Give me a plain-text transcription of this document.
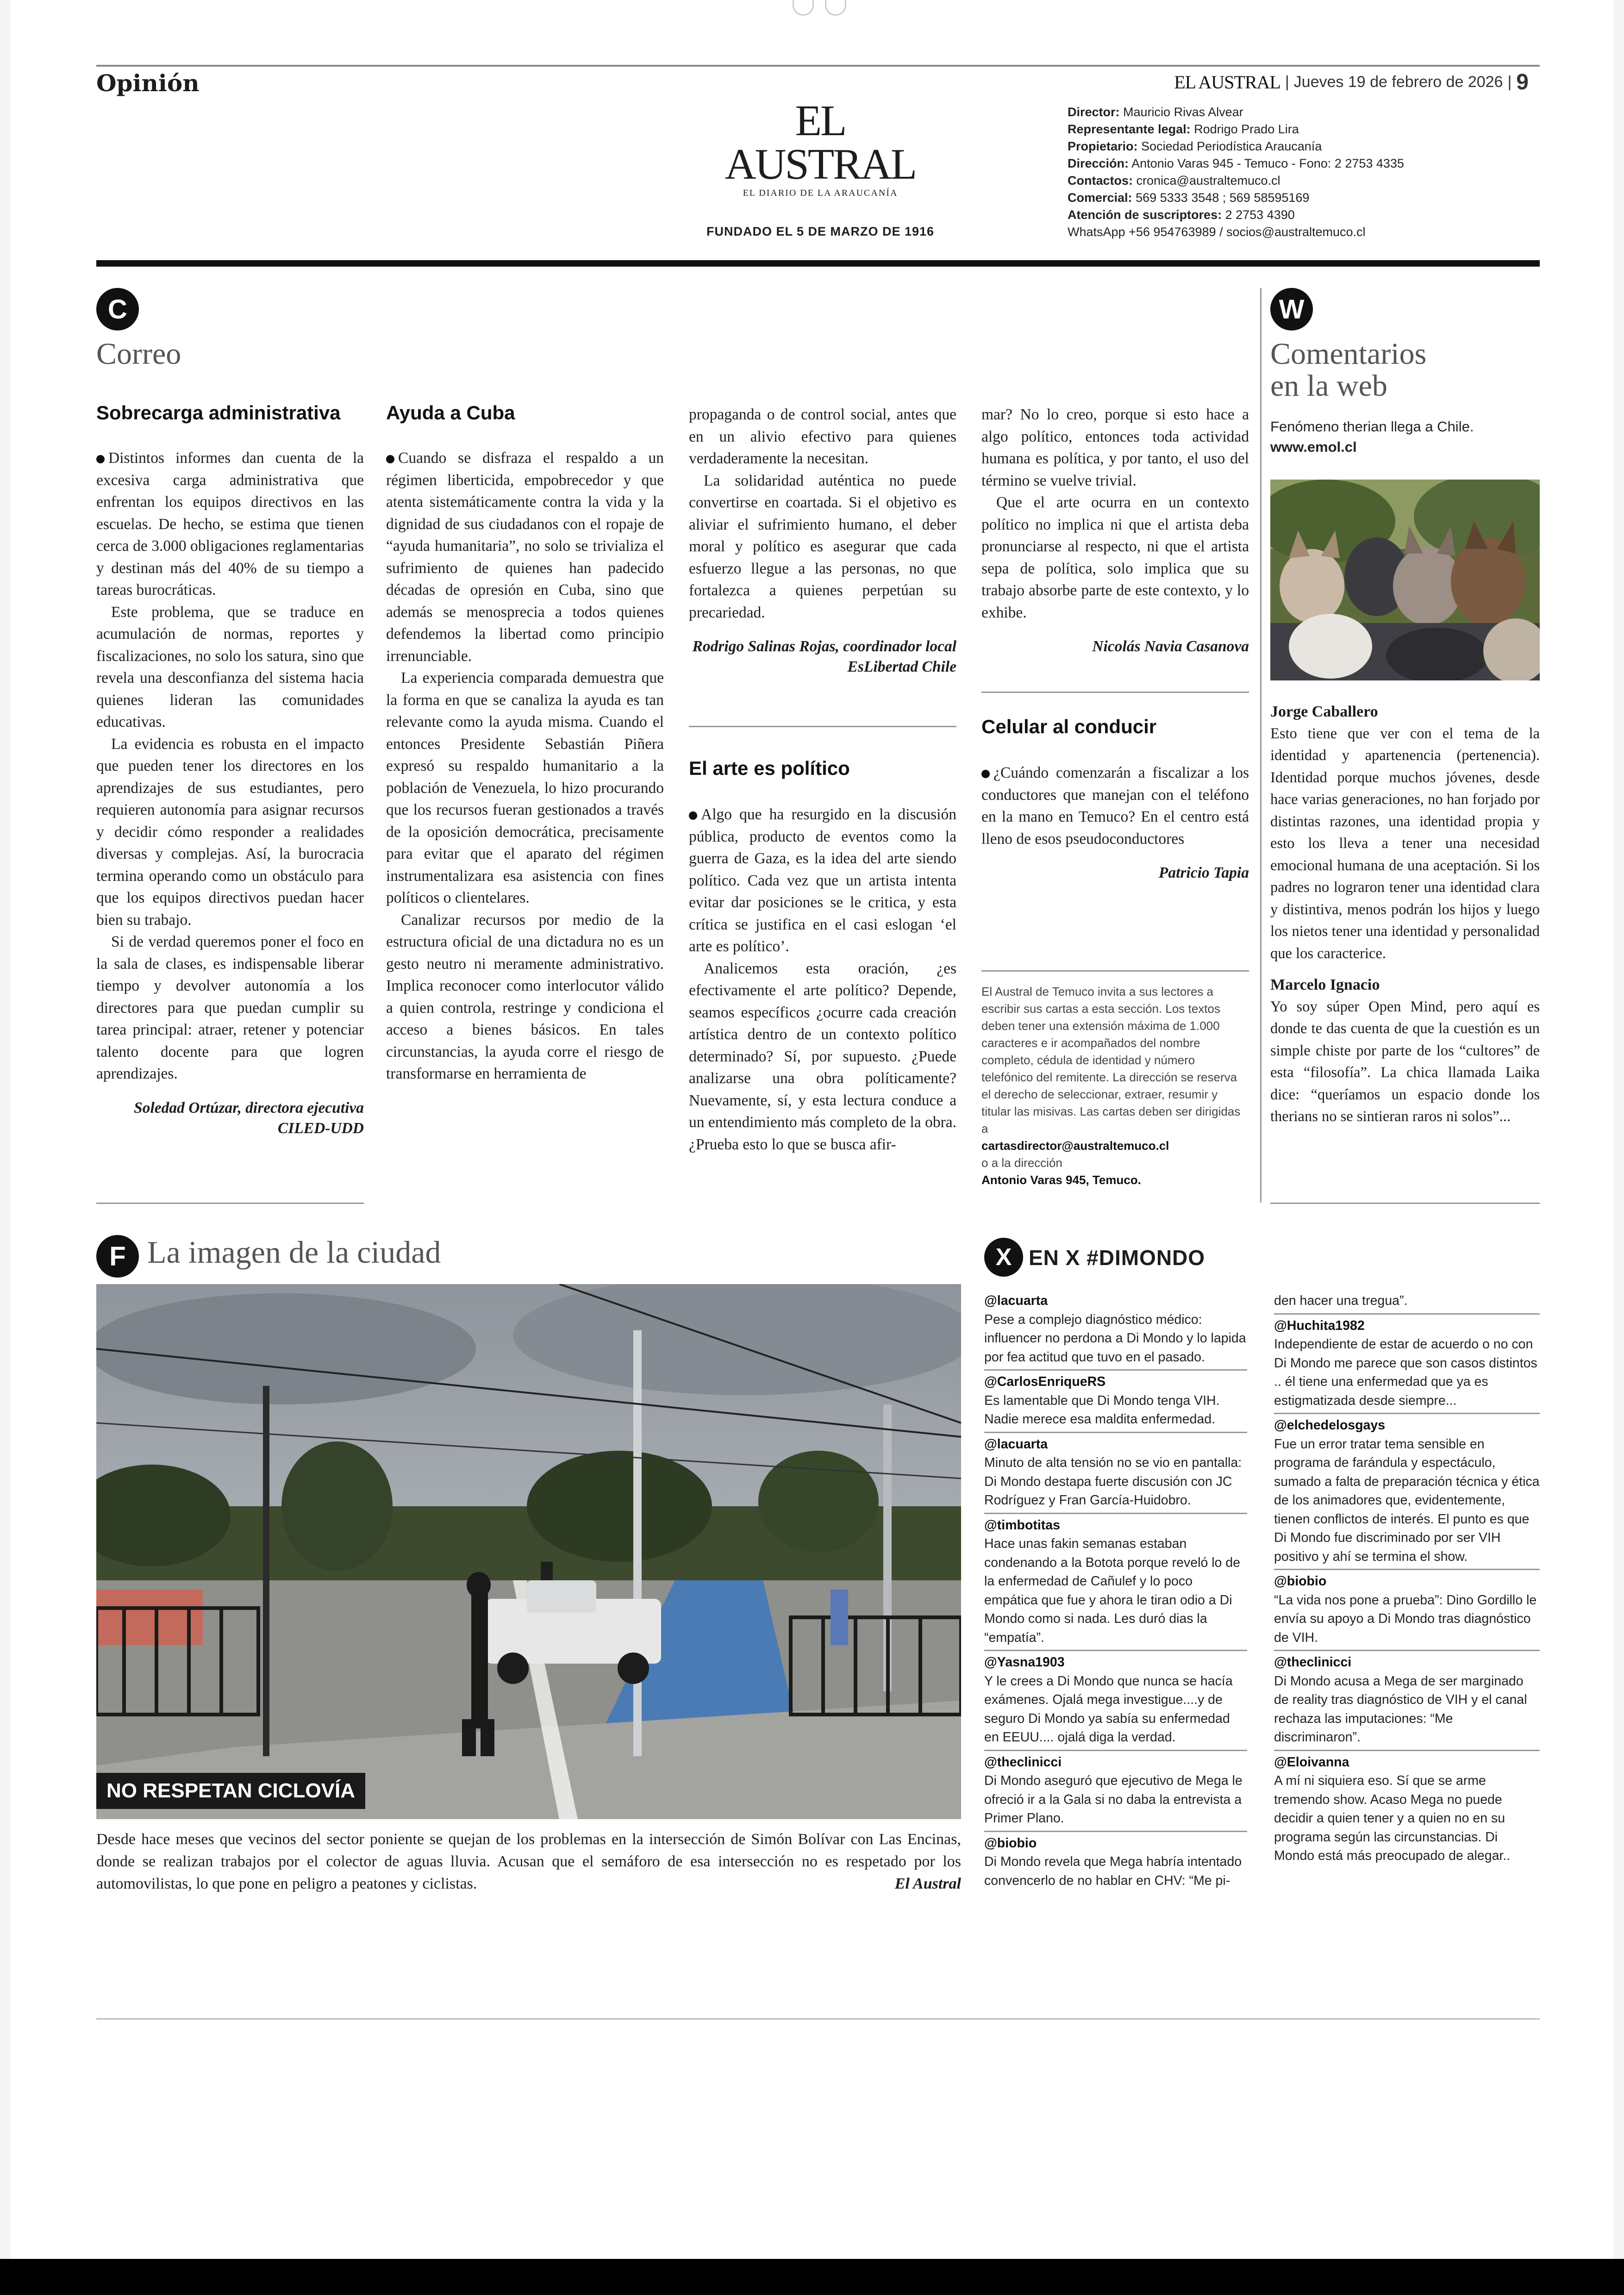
Opinión	EL AUSTRAL | Jueves 19 de febrero de 2026 | 9
EL AUSTRAL
EL DIARIO DE LA ARAUCANÍA
FUNDADO EL 5 DE MARZO DE 1916
Director: Mauricio Rivas Alvear
Representante legal: Rodrigo Prado Lira
Propietario: Sociedad Periodística Araucanía
Dirección: Antonio Varas 945 - Temuco - Fono: 2 2753 4335
Contactos: cronica@australtemuco.cl
Comercial: 569 5333 3548 ; 569 58595169
Atención de suscriptores: 2 2753 4390
WhatsApp +56 954763989 / socios@australtemuco.cl
C
Correo
Sobrecarga administrativa

Distintos informes dan cuenta de la excesiva carga administrativa que enfrentan los equipos directivos en las escuelas. De hecho, se estima que tienen cerca de 3.000 obligaciones reglamentarias y destinan más del 40% de su tiempo a tareas burocráticas.

Este problema, que se traduce en acumulación de normas, reportes y fiscalizaciones, no solo los satura, sino que revela una desconfianza del sistema hacia quienes lideran las comunidades educativas.

La evidencia es robusta en el impacto que pueden tener los directores en los aprendizajes de sus estudiantes, pero requieren autonomía para asignar recursos y decidir cómo responder a realidades diversas y complejas. Así, la burocracia termina operando como un obstáculo para que los equipos directivos puedan hacer bien su trabajo.

Si de verdad queremos poner el foco en la sala de clases, es indispensable liberar tiempo y devolver autonomía a los directores para que puedan cumplir su tarea principal: atraer, retener y potenciar talento docente para que logren aprendizajes.

Soledad Ortúzar, directora ejecutiva CILED-UDD
Ayuda a Cuba

Cuando se disfraza el respaldo a un régimen liberticida, empobrecedor y que atenta sistemáticamente contra la vida y la dignidad de sus ciudadanos con el ropaje de “ayuda humanitaria”, no solo se trivializa el sufrimiento de quienes han padecido décadas de opresión en Cuba, sino que además se menosprecia a todos quienes defendemos la libertad como principio irrenunciable.

La experiencia comparada demuestra que la forma en que se canaliza la ayuda es tan relevante como la ayuda misma. Cuando el entonces Presidente Sebastián Piñera expresó su respaldo humanitario a la población de Venezuela, lo hizo procurando que los recursos fueran gestionados a través de la oposición democrática, precisamente para evitar que el aparato del régimen instrumentalizara esa asistencia con fines políticos o clientelares.

Canalizar recursos por medio de la estructura oficial de una dictadura no es un gesto neutro ni meramente administrativo. Implica reconocer como interlocutor válido a quien controla, restringe y condiciona el acceso a bienes básicos. En tales circunstancias, la ayuda corre el riesgo de transformarse en herramienta de

propaganda o de control social, antes que en un alivio efectivo para quienes verdaderamente la necesitan.

La solidaridad auténtica no puede convertirse en coartada. Si el objetivo es aliviar el sufrimiento humano, el deber moral y político es asegurar que cada esfuerzo llegue a las personas, no que fortalezca a quienes perpetúan su precariedad.

Rodrigo Salinas Rojas, coordinador local EsLibertad Chile
El arte es político

Algo que ha resurgido en la discusión pública, producto de eventos como la guerra de Gaza, es la idea del arte siendo político. Cada vez que un artista intenta evitar dar posiciones se le critica, y esta crítica se justifica en el casi eslogan ‘el arte es político’.

Analicemos esta oración, ¿es efectivamente el arte político? Depende, seamos específicos ¿ocurre cada creación artística dentro de un contexto político determinado? Sí, por supuesto. ¿Puede analizarse una obra políticamente? Nuevamente, sí, y esta lectura conduce a un entendimiento más completo de la obra. ¿Prueba esto lo que se busca afir-

mar? No lo creo, porque si esto hace a algo político, entonces toda actividad humana es política, y por tanto, el uso del término se vuelve trivial.

Que el arte ocurra en un contexto político no implica ni que el artista deba pronunciarse al respecto, ni que el artista sepa de política, solo implica que su trabajo absorbe parte de este contexto, y lo exhibe.

Nicolás Navia Casanova
Celular al conducir

¿Cuándo comenzarán a fiscalizar a los conductores que manejan con el teléfono en la mano en Temuco? En el centro está lleno de esos pseudoconductores

Patricio Tapia
El Austral de Temuco invita a sus lectores a escribir sus cartas a esta sección. Los textos deben tener una extensión máxima de 1.000 caracteres e ir acompañados del nombre completo, cédula de identidad y número telefónico del remitente. La dirección se reserva el derecho de seleccionar, extraer, resumir y titular las misivas. Las cartas deben ser dirigidas a
cartasdirector@australtemuco.cl
o a la dirección
Antonio Varas 945, Temuco.
W
Comentarios
en la web
Fenómeno therian llega a Chile.
www.emol.cl
Jorge Caballero
Esto tiene que ver con el tema de la identidad y apartenencia (pertenencia). Identidad porque muchos jóvenes, desde hace varias generaciones, no han forjado por distintas razones, una identidad propia y esto los lleva a tener una necesidad emocional humana de una aceptación. Si los padres no lograron tener una identidad clara y distintiva, menos podrán los hijos y luego los nietos tener una identidad y personalidad que los caracterice.
Marcelo Ignacio
Yo soy súper Open Mind, pero aquí es donde te das cuenta de que la cuestión es un simple chiste por parte de los “cultores” de esta “filosofía”. La chica llamada Laika dice: “queríamos un espacio donde los therians no se sintieran raros ni solos”...
F La imagen de la ciudad
NO RESPETAN CICLOVÍA
Desde hace meses que vecinos del sector poniente se quejan de los problemas en la intersección de Simón Bolívar con Las Encinas, donde se realizan trabajos por el colector de aguas lluvia. Acusan que el semáforo de esa intersección no es respetado por los automovilistas, lo que pone en peligro a peatones y ciclistas.	El Austral
X EN X #DIMONDO
@lacuarta
Pese a complejo diagnóstico médico: influencer no perdona a Di Mondo y lo lapida por fea actitud que tuvo en el pasado.
@CarlosEnriqueRS
Es lamentable que Di Mondo tenga VIH. Nadie merece esa maldita enfermedad.
@lacuarta
Minuto de alta tensión no se vio en pantalla: Di Mondo destapa fuerte discusión con JC Rodríguez y Fran García-Huidobro.
@timbotitas
Hace unas fakin semanas estaban condenando a la Botota porque reveló lo de la enfermedad de Cañulef y lo poco empática que fue y ahora le tiran odio a Di Mondo como si nada. Les duró dias la “empatía”.
@Yasna1903
Y le crees a Di Mondo que nunca se hacía exámenes. Ojalá mega investigue....y de seguro Di Mondo ya sabía su enfermedad en EEUU.... ojalá diga la verdad.
@theclinicci
Di Mondo aseguró que ejecutivo de Mega le ofreció ir a la Gala si no daba la entrevista a Primer Plano.
@biobio
Di Mondo revela que Mega habría intentado convencerlo de no hablar en CHV: “Me pi-
den hacer una tregua”.
@Huchita1982
Independiente de estar de acuerdo o no con Di Mondo me parece que son casos distintos .. él tiene una enfermedad que ya es estigmatizada desde siempre...
@elchedelosgays
Fue un error tratar tema sensible en programa de farándula y espectáculo, sumado a falta de preparación técnica y ética de los animadores que, evidentemente, tienen conflictos de interés. El punto es que Di Mondo fue discriminado por ser VIH positivo y ahí se termina el show.
@biobio
“La vida nos pone a prueba”: Dino Gordillo le envía su apoyo a Di Mondo tras diagnóstico de VIH.
@theclinicci
Di Mondo acusa a Mega de ser marginado de reality tras diagnóstico de VIH y el canal rechaza las imputaciones: “Me discriminaron”.
@Eloivanna
A mí ni siquiera eso. Sí que se arme tremendo show. Acaso Mega no puede decidir a quien tener y a quien no en su programa según las circunstancias. Di Mondo está más preocupado de alegar..
